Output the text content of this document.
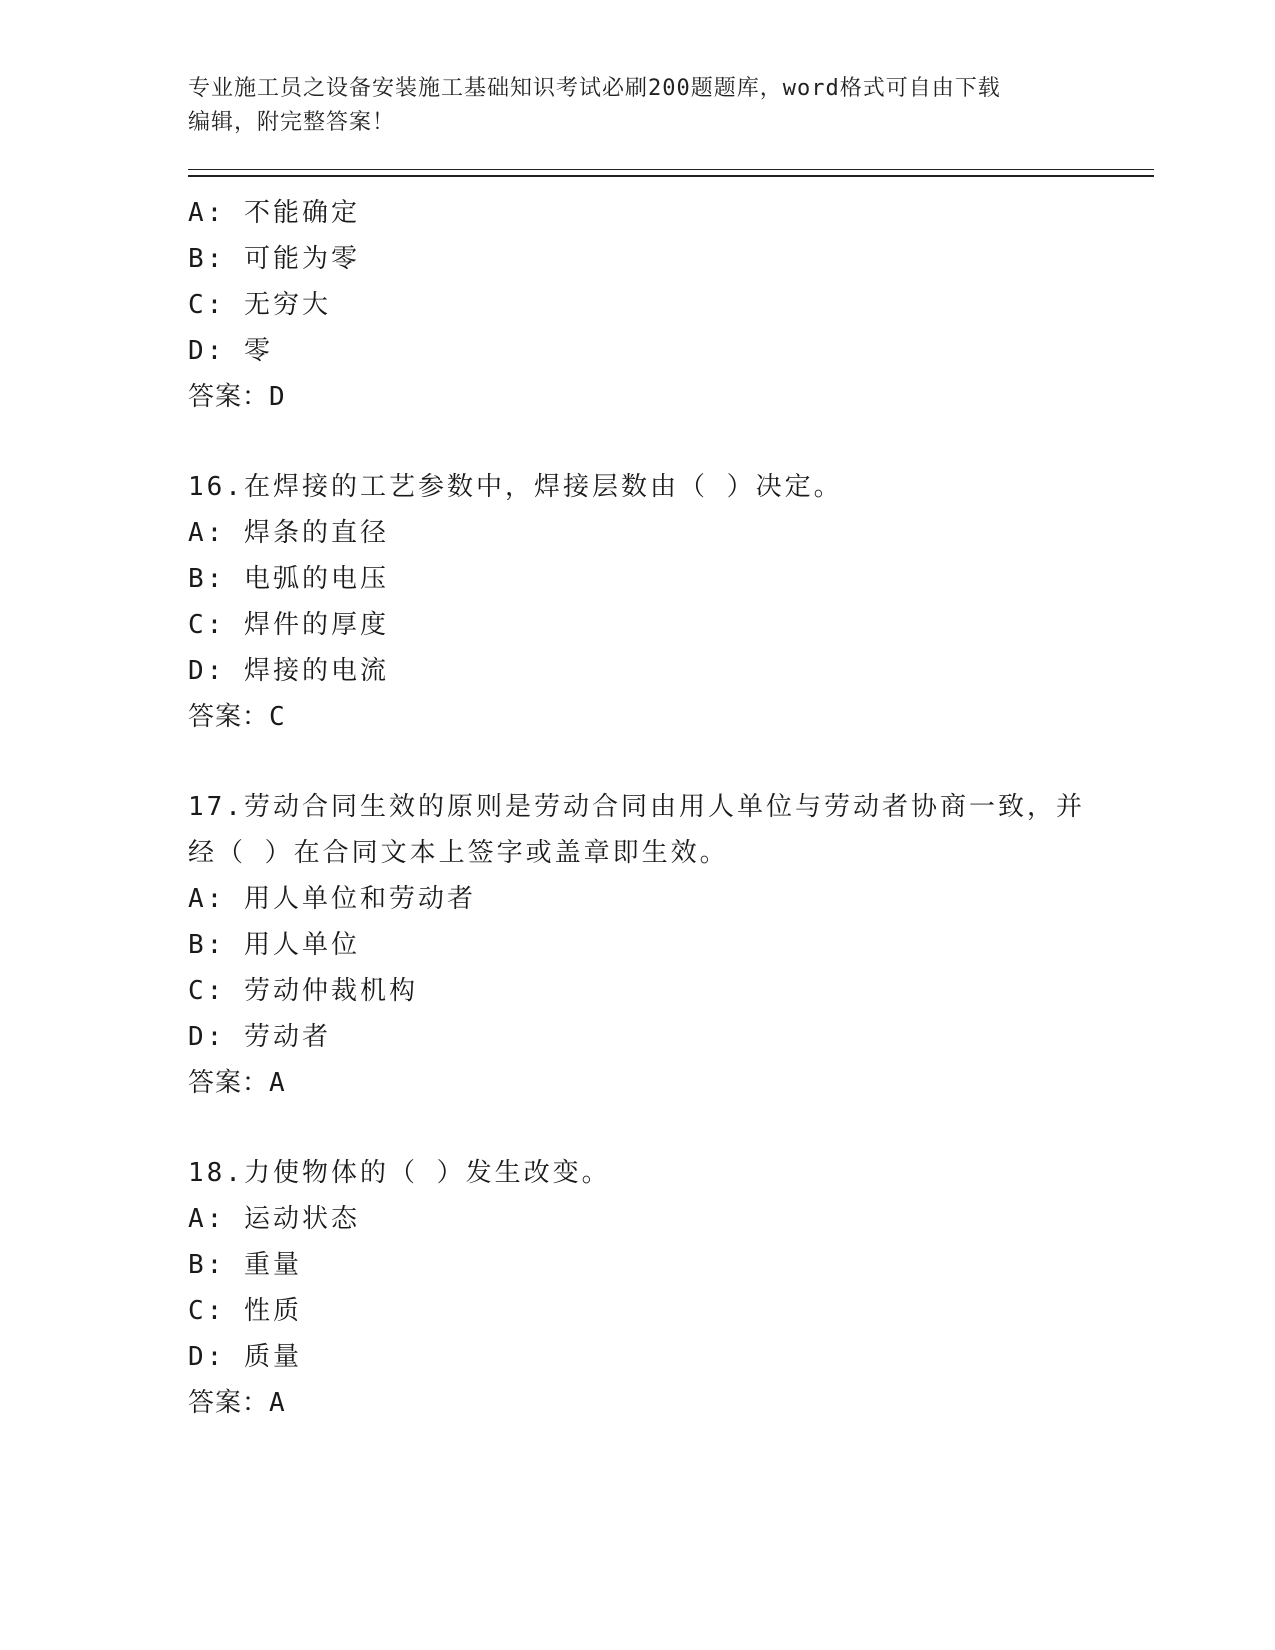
专业施工员之设备安装施工基础知识考试必刷200题题库，word格式可自由下载
编辑，附完整答案！
A: 不能确定
B: 可能为零
C: 无穷大
D: 零
答案：D
16.在焊接的工艺参数中，焊接层数由（ ）决定。
A: 焊条的直径
B: 电弧的电压
C: 焊件的厚度
D: 焊接的电流
答案：C
17.劳动合同生效的原则是劳动合同由用人单位与劳动者协商一致，并
经（ ）在合同文本上签字或盖章即生效。
A: 用人单位和劳动者
B: 用人单位
C: 劳动仲裁机构
D: 劳动者
答案：A
18.力使物体的（ ）发生改变。
A: 运动状态
B: 重量
C: 性质
D: 质量
答案：A
